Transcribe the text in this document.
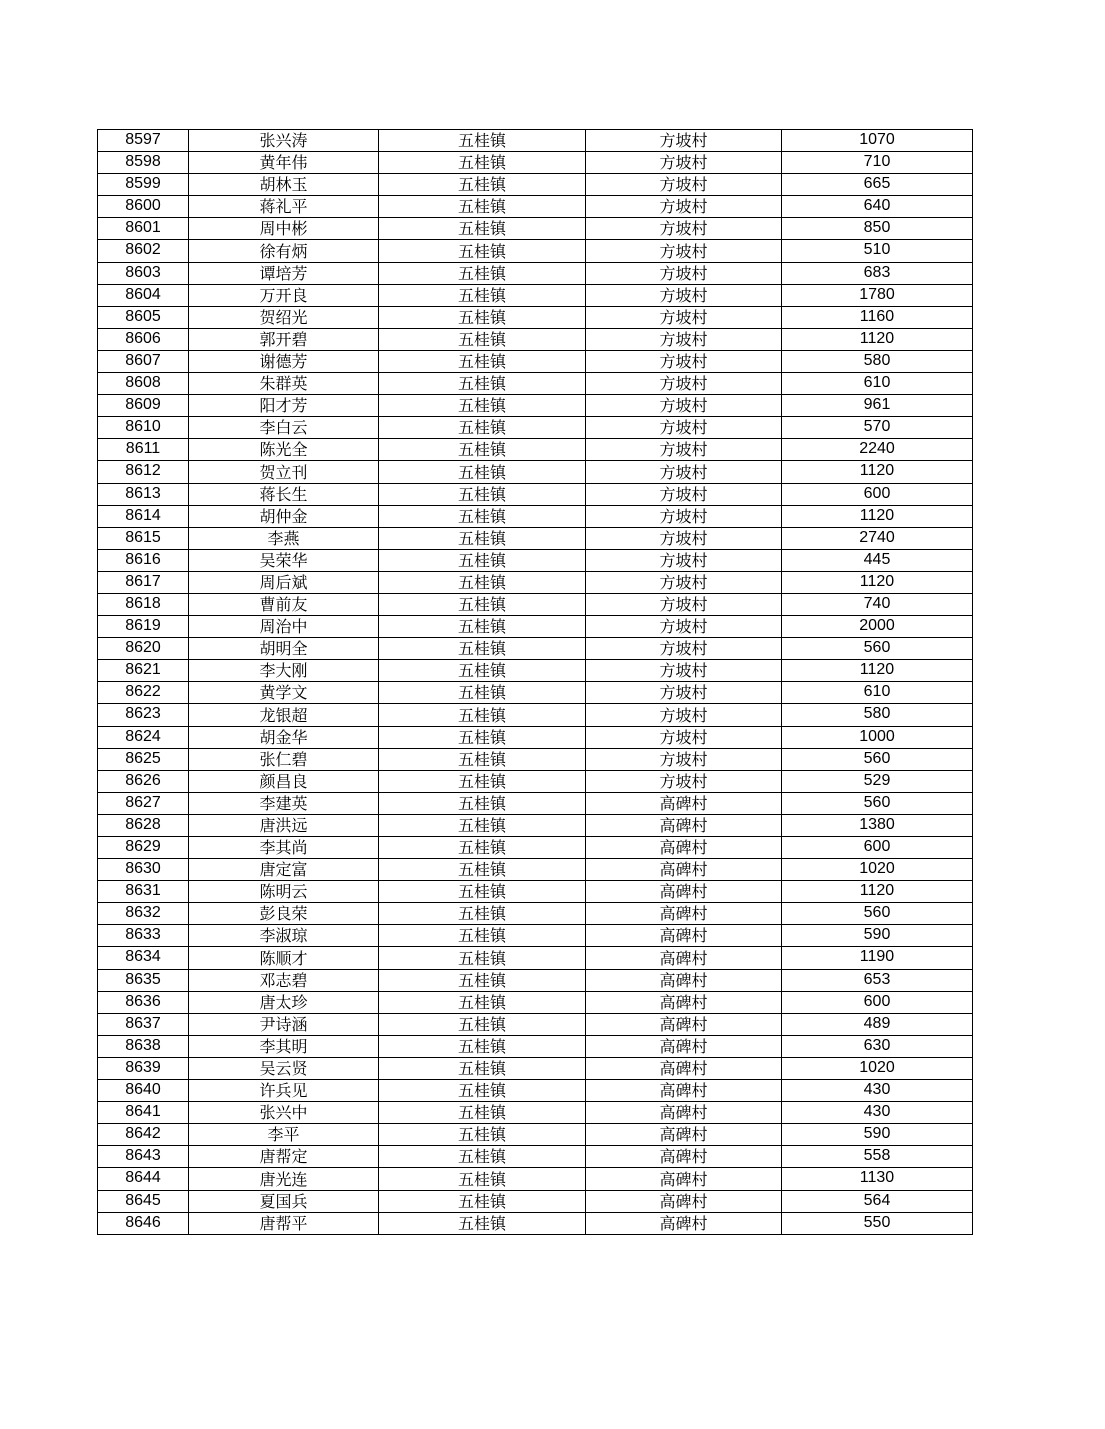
8597	张兴涛	五桂镇	方坡村	1070
8598	黄年伟	五桂镇	方坡村	710
8599	胡林玉	五桂镇	方坡村	665
8600	蒋礼平	五桂镇	方坡村	640
8601	周中彬	五桂镇	方坡村	850
8602	徐有炳	五桂镇	方坡村	510
8603	谭培芳	五桂镇	方坡村	683
8604	万开良	五桂镇	方坡村	1780
8605	贺绍光	五桂镇	方坡村	1160
8606	郭开碧	五桂镇	方坡村	1120
8607	谢德芳	五桂镇	方坡村	580
8608	朱群英	五桂镇	方坡村	610
8609	阳才芳	五桂镇	方坡村	961
8610	李白云	五桂镇	方坡村	570
8611	陈光全	五桂镇	方坡村	2240
8612	贺立刊	五桂镇	方坡村	1120
8613	蒋长生	五桂镇	方坡村	600
8614	胡仲金	五桂镇	方坡村	1120
8615	李燕	五桂镇	方坡村	2740
8616	吴荣华	五桂镇	方坡村	445
8617	周后斌	五桂镇	方坡村	1120
8618	曹前友	五桂镇	方坡村	740
8619	周治中	五桂镇	方坡村	2000
8620	胡明全	五桂镇	方坡村	560
8621	李大刚	五桂镇	方坡村	1120
8622	黄学文	五桂镇	方坡村	610
8623	龙银超	五桂镇	方坡村	580
8624	胡金华	五桂镇	方坡村	1000
8625	张仁碧	五桂镇	方坡村	560
8626	颜昌良	五桂镇	方坡村	529
8627	李建英	五桂镇	高碑村	560
8628	唐洪远	五桂镇	高碑村	1380
8629	李其尚	五桂镇	高碑村	600
8630	唐定富	五桂镇	高碑村	1020
8631	陈明云	五桂镇	高碑村	1120
8632	彭良荣	五桂镇	高碑村	560
8633	李淑琼	五桂镇	高碑村	590
8634	陈顺才	五桂镇	高碑村	1190
8635	邓志碧	五桂镇	高碑村	653
8636	唐太珍	五桂镇	高碑村	600
8637	尹诗涵	五桂镇	高碑村	489
8638	李其明	五桂镇	高碑村	630
8639	吴云贤	五桂镇	高碑村	1020
8640	许兵见	五桂镇	高碑村	430
8641	张兴中	五桂镇	高碑村	430
8642	李平	五桂镇	高碑村	590
8643	唐帮定	五桂镇	高碑村	558
8644	唐光连	五桂镇	高碑村	1130
8645	夏国兵	五桂镇	高碑村	564
8646	唐帮平	五桂镇	高碑村	550
